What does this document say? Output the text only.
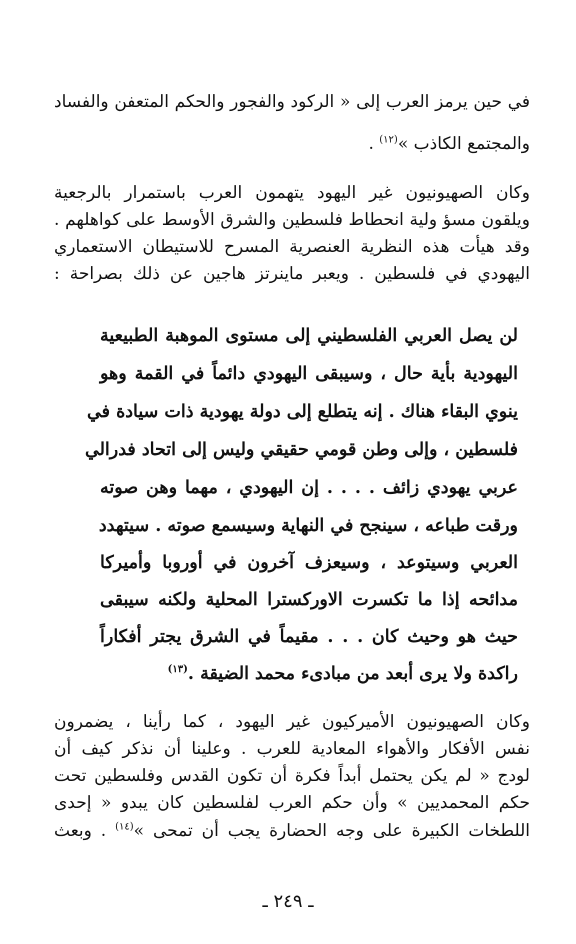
في حين يرمز العرب إلى « الركود والفجور والحكم المتعفن والفساد
والمجتمع الكاذب »$^{(١٢)}$ .
وكان الصهيونيون غير اليهود يتهمون العرب باستمرار بالرجعية
ويلقون مسؤ ولية انحطاط فلسطين والشرق الأوسط على كواهلهم .
وقد هيأت هذه النظرية العنصرية المسرح للاستيطان الاستعماري
اليهودي في فلسطين . ويعبر ماينرتز هاجين عن ذلك بصراحة :
لن يصل العربي الفلسطيني إلى مستوى الموهبة الطبيعية
اليهودية بأية حال ، وسيبقى اليهودي دائماً في القمة وهو
ينوي البقاء هناك . إنه يتطلع إلى دولة يهودية ذات سيادة في
فلسطين ، وإلى وطن قومي حقيقي وليس إلى اتحاد فدرالي
عربي يهودي زائف . . . . إن اليهودي ، مهما وهن صوته
ورقت طباعه ، سينجح في النهاية وسيسمع صوته . سيتهدد
العربي وسيتوعد ، وسيعزف آخرون في أوروبا وأميركا
مدائحه إذا ما تكسرت الاوركسترا المحلية ولكنه سيبقى
حيث هو وحيث كان . . . مقيماً في الشرق يجتر أفكاراً
راكدة ولا يرى أبعد من مبادىء محمد الضيقة .$^{(١٣)}$
وكان الصهيونيون الأميركيون غير اليهود ، كما رأينا ، يضمرون
نفس الأفكار والأهواء المعادية للعرب . وعلينا أن نذكر كيف أن
لودج « لم يكن يحتمل أبداً فكرة أن تكون القدس وفلسطين تحت
حكم المحمديين » وأن حكم العرب لفلسطين كان يبدو « إحدى
اللطخات الكبيرة على وجه الحضارة يجب أن تمحى »$^{(١٤)}$ . وبعث
ـ ٢٤٩ ـ
